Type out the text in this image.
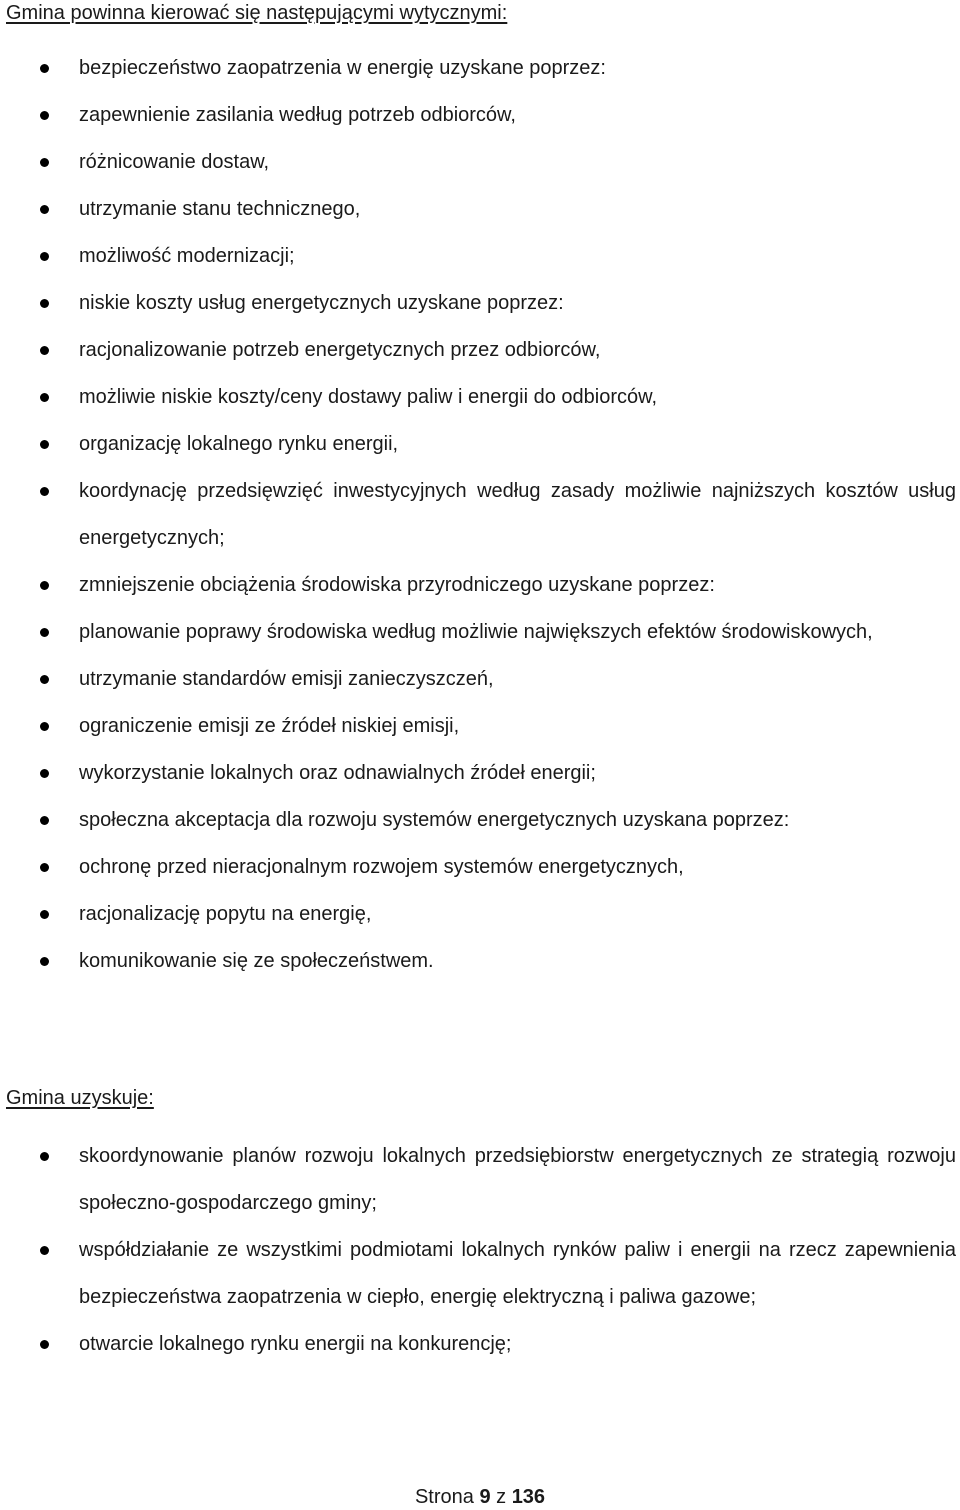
Gmina powinna kierować się następującymi wytycznymi:
bezpieczeństwo zaopatrzenia w energię uzyskane poprzez:
zapewnienie zasilania według potrzeb odbiorców,
różnicowanie dostaw,
utrzymanie stanu technicznego,
możliwość modernizacji;
niskie koszty usług energetycznych uzyskane poprzez:
racjonalizowanie potrzeb energetycznych przez odbiorców,
możliwie niskie koszty/ceny dostawy paliw i energii do odbiorców,
organizację lokalnego rynku energii,
koordynację przedsięwzięć inwestycyjnych według zasady możliwie najniższych kosztów usług energetycznych;
zmniejszenie obciążenia środowiska przyrodniczego uzyskane poprzez:
planowanie poprawy środowiska według możliwie największych efektów środowiskowych,
utrzymanie standardów emisji zanieczyszczeń,
ograniczenie emisji ze źródeł niskiej emisji,
wykorzystanie lokalnych oraz odnawialnych źródeł energii;
społeczna akceptacja dla rozwoju systemów energetycznych uzyskana poprzez:
ochronę przed nieracjonalnym rozwojem systemów energetycznych,
racjonalizację popytu na energię,
komunikowanie się ze społeczeństwem.
Gmina uzyskuje:
skoordynowanie planów rozwoju lokalnych przedsiębiorstw energetycznych ze strategią rozwoju społeczno-gospodarczego gminy;
współdziałanie ze wszystkimi podmiotami lokalnych rynków paliw i energii na rzecz zapewnienia bezpieczeństwa zaopatrzenia w ciepło, energię elektryczną i paliwa gazowe;
otwarcie lokalnego rynku energii na konkurencję;
Strona 9 z 136
